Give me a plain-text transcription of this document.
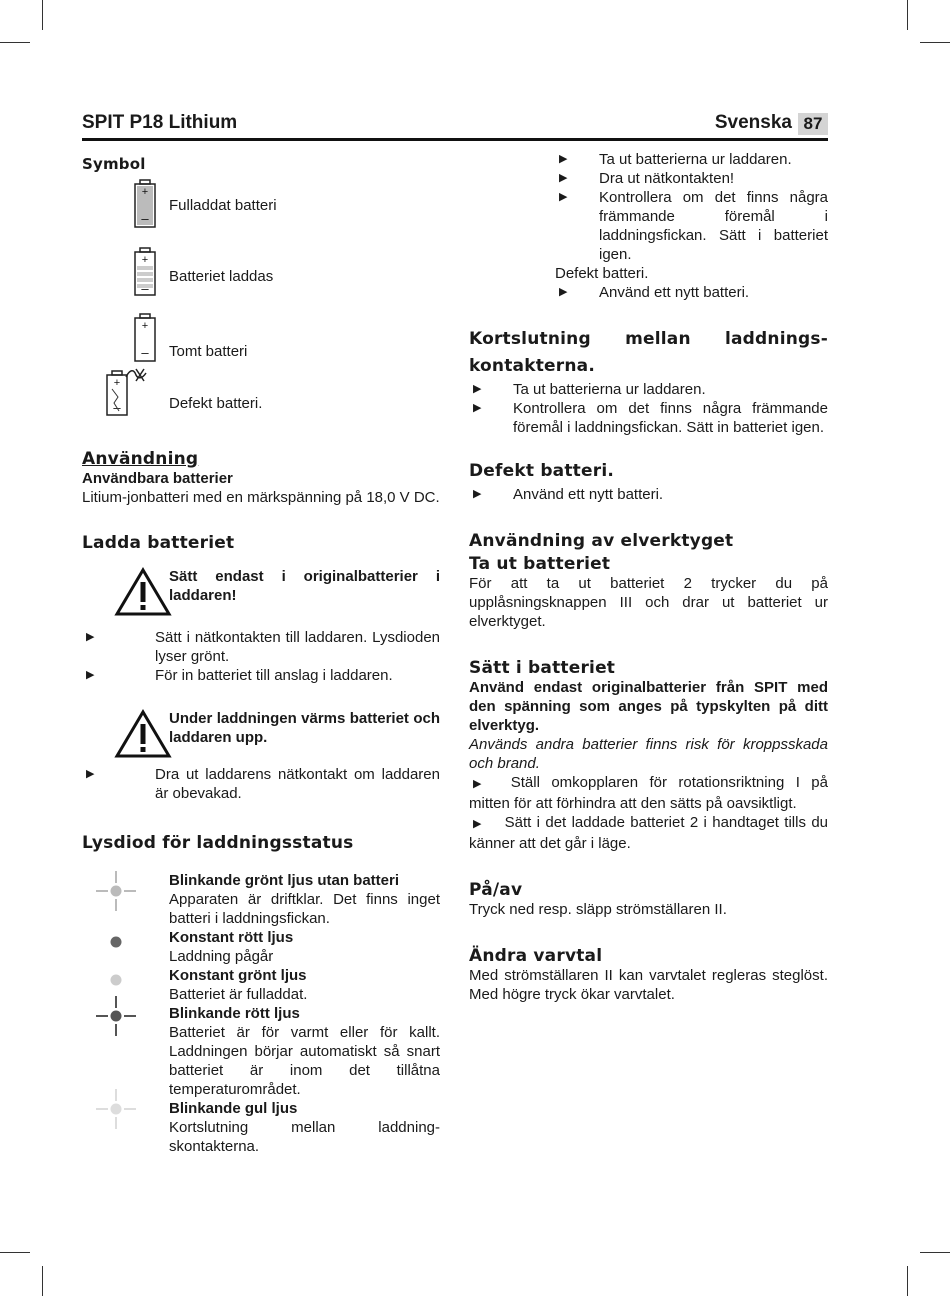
SPIT P18 Lithium	Svenska 87
Symbol
+
–
Fulladdat batteri
+
–
Batteriet laddas
+
– Tomt batteri
+
–	Defekt batteri.
Användning
Användbara batterier
Litium-jonbatteri med en märkspänning på 18,0 V DC.
Ladda batteriet
Sätt endast i originalbatterier i laddaren!
▶ Sätt i nätkontakten till laddaren. Lysdioden lyser grönt.
▶ För in batteriet till anslag i laddaren.
Under laddningen värms batteriet och laddaren upp.
▶ Dra ut laddarens nätkontakt om laddaren är obevakad.
Lysdiod för laddningsstatus
Blinkande grönt ljus utan batteri
Apparaten är driftklar. Det finns inget batteri i laddningsfickan.
Konstant rött ljus
Laddning pågår
Konstant grönt ljus
Batteriet är fulladdat.
Blinkande rött ljus
Batteriet är för varmt eller för kallt. Laddningen börjar automatiskt så snart batteriet är inom det tillåtna temperaturområdet.
Blinkande gul ljus
Kortslutning mellan laddning-skontakterna.
▶ Ta ut batterierna ur laddaren.
▶ Dra ut nätkontakten!
▶ Kontrollera om det finns några främmande föremål i laddningsfickan. Sätt i batteriet igen.
Defekt batteri.
▶ Använd ett nytt batteri.
Kortslutning mellan laddnings-kontakterna.
▶ Ta ut batterierna ur laddaren.
▶ Kontrollera om det finns några främmande föremål i laddningsfickan. Sätt in batteriet igen.
Defekt batteri.
▶ Använd ett nytt batteri.
Användning av elverktyget
Ta ut batteriet
För att ta ut batteriet 2 trycker du på upplåsningsknappen III och drar ut batteriet ur elverktyget.
Sätt i batteriet
Använd endast originalbatterier från SPIT med den spänning som anges på typskylten på ditt elverktyg.
Används andra batterier finns risk för kroppsskada och brand.
▶ Ställ omkopplaren för rotationsriktning I på mitten för att förhindra att den sätts på oavsiktligt.
▶ Sätt i det laddade batteriet 2 i handtaget tills du känner att det går i läge.
På/av
Tryck ned resp. släpp strömställaren II.
Ändra varvtal
Med strömställaren II kan varvtalet regleras steglöst. Med högre tryck ökar varvtalet.
